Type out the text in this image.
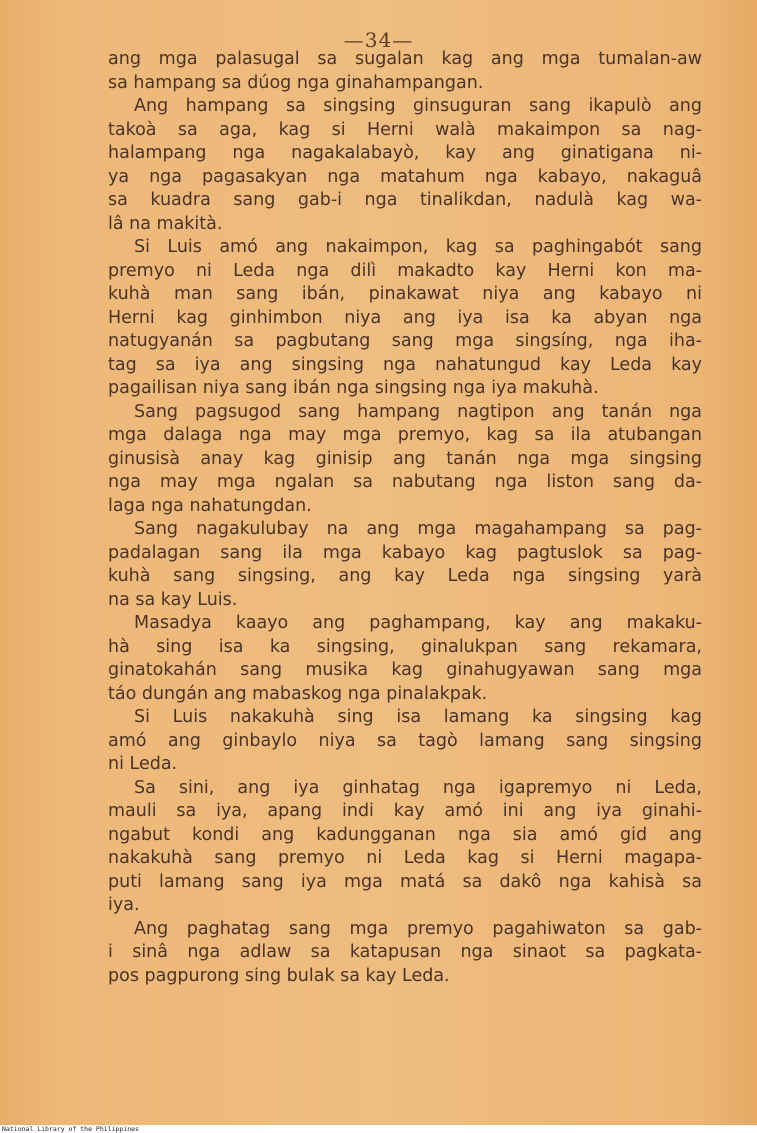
—34—
ang mga palasugal sa sugalan kag ang mga tumalan-aw
sa hampang sa dúog nga ginahampangan.
Ang hampang sa singsing ginsuguran sang ikapulò ang
takoà sa aga, kag si Herni walà makaimpon sa nag-
halampang nga nagakalabayò, kay ang ginatigana ni-
ya nga pagasakyan nga matahum nga kabayo, nakaguâ
sa kuadra sang gab-i nga tinalikdan, nadulà kag wa-
lâ na makità.
Si Luis amó ang nakaimpon, kag sa paghingabót sang
premyo ni Leda nga dilì makadto kay Herni kon ma-
kuhà man sang ibán, pinakawat niya ang kabayo ni
Herni kag ginhimbon niya ang iya isa ka abyan nga
natugyanán sa pagbutang sang mga singsíng, nga iha-
tag sa iya ang singsing nga nahatungud kay Leda kay
pagailisan niya sang ibán nga singsing nga iya makuhà.
Sang pagsugod sang hampang nagtipon ang tanán nga
mga dalaga nga may mga premyo, kag sa ila atubangan
ginusisà anay kag ginisip ang tanán nga mga singsing
nga may mga ngalan sa nabutang nga liston sang da-
laga nga nahatungdan.
Sang nagakulubay na ang mga magahampang sa pag-
padalagan sang ila mga kabayo kag pagtuslok sa pag-
kuhà sang singsing, ang kay Leda nga singsing yarà
na sa kay Luis.
Masadya kaayo ang paghampang, kay ang makaku-
hà sing isa ka singsing, ginalukpan sang rekamara,
ginatokahán sang musika kag ginahugyawan sang mga
táo dungán ang mabaskog nga pinalakpak.
Si Luis nakakuhà sing isa lamang ka singsing kag
amó ang ginbaylo niya sa tagò lamang sang singsing
ni Leda.
Sa sini, ang iya ginhatag nga igapremyo ni Leda,
mauli sa iya, apang indi kay amó ini ang iya ginahi-
ngabut kondi ang kadungganan nga sia amó gid ang
nakakuhà sang premyo ni Leda kag si Herni magapa-
puti lamang sang iya mga matá sa dakô nga kahisà sa
iya.
Ang paghatag sang mga premyo pagahiwaton sa gab-
i sinâ nga adlaw sa katapusan nga sinaot sa pagkata-
pos pagpurong sing bulak sa kay Leda.
National Library of the Philippines
